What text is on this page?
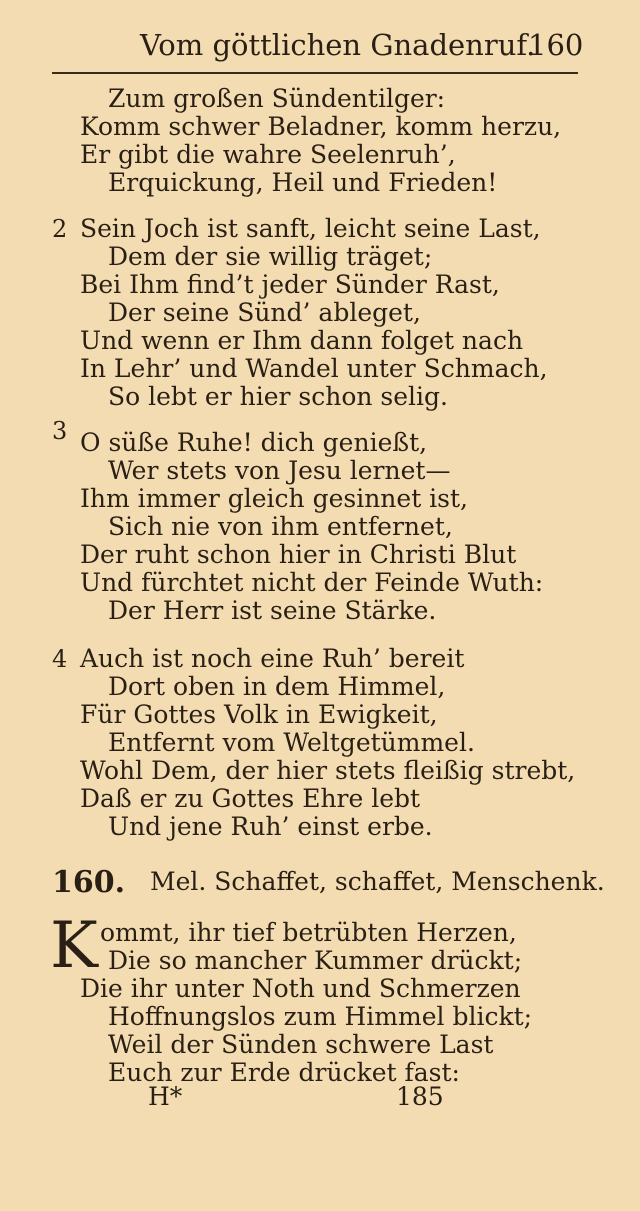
Vom göttlichen Gnadenruf.
160
Zum großen Sündentilger:
Komm schwer Beladner, komm herzu,
Er gibt die wahre Seelenruh’,
Erquickung, Heil und Frieden!
2 Sein Joch ist sanft, leicht seine Last,
Dem der sie willig träget;
Bei Ihm find’t jeder Sünder Rast,
Der seine Sünd’ ableget,
Und wenn er Ihm dann folget nach
In Lehr’ und Wandel unter Schmach,
So lebt er hier schon selig.
3 O süße Ruhe! dich genießt,
Wer stets von Jesu lernet—
Ihm immer gleich gesinnet ist,
Sich nie von ihm entfernet,
Der ruht schon hier in Christi Blut
Und fürchtet nicht der Feinde Wuth:
Der Herr ist seine Stärke.
4 Auch ist noch eine Ruh’ bereit
Dort oben in dem Himmel,
Für Gottes Volk in Ewigkeit,
Entfernt vom Weltgetümmel.
Wohl Dem, der hier stets fleißig strebt,
Daß er zu Gottes Ehre lebt
Und jene Ruh’ einst erbe.
160. Mel. Schaffet, schaffet, Menschenk.
K ommt, ihr tief betrübten Herzen,
Die so mancher Kummer drückt;
Die ihr unter Noth und Schmerzen
Hoffnungslos zum Himmel blickt;
Weil der Sünden schwere Last
Euch zur Erde drücket fast:
H*	185
